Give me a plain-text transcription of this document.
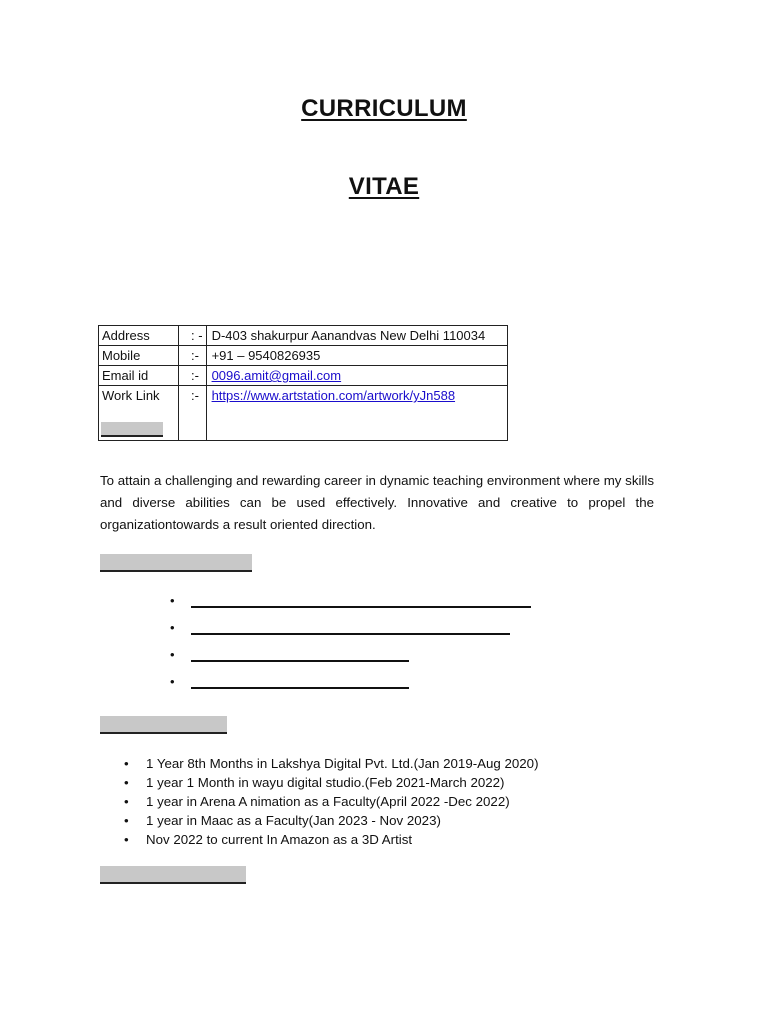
CURRICULUM
VITAE
Address	: -	D-403 shakurpur Aanandvas New Delhi 110034
Mobile	:-	+91 – 9540826935
Email id	:-	0096.amit@gmail.com
Work Link	:-	https://www.artstation.com/artwork/yJn588
To attain a challenging and rewarding career in dynamic teaching environment where my skills and diverse abilities can be used effectively. Innovative and creative to propel the organizationtowards a result oriented direction.
•
•
•
•
• 1 Year 8th Months in Lakshya Digital Pvt. Ltd.(Jan 2019-Aug 2020)
• 1 year 1 Month in wayu digital studio.(Feb 2021-March 2022)
• 1 year in Arena A nimation as a Faculty(April 2022 -Dec 2022)
• 1 year in Maac as a Faculty(Jan 2023 - Nov 2023)
• Nov 2022 to current In Amazon as a 3D Artist
